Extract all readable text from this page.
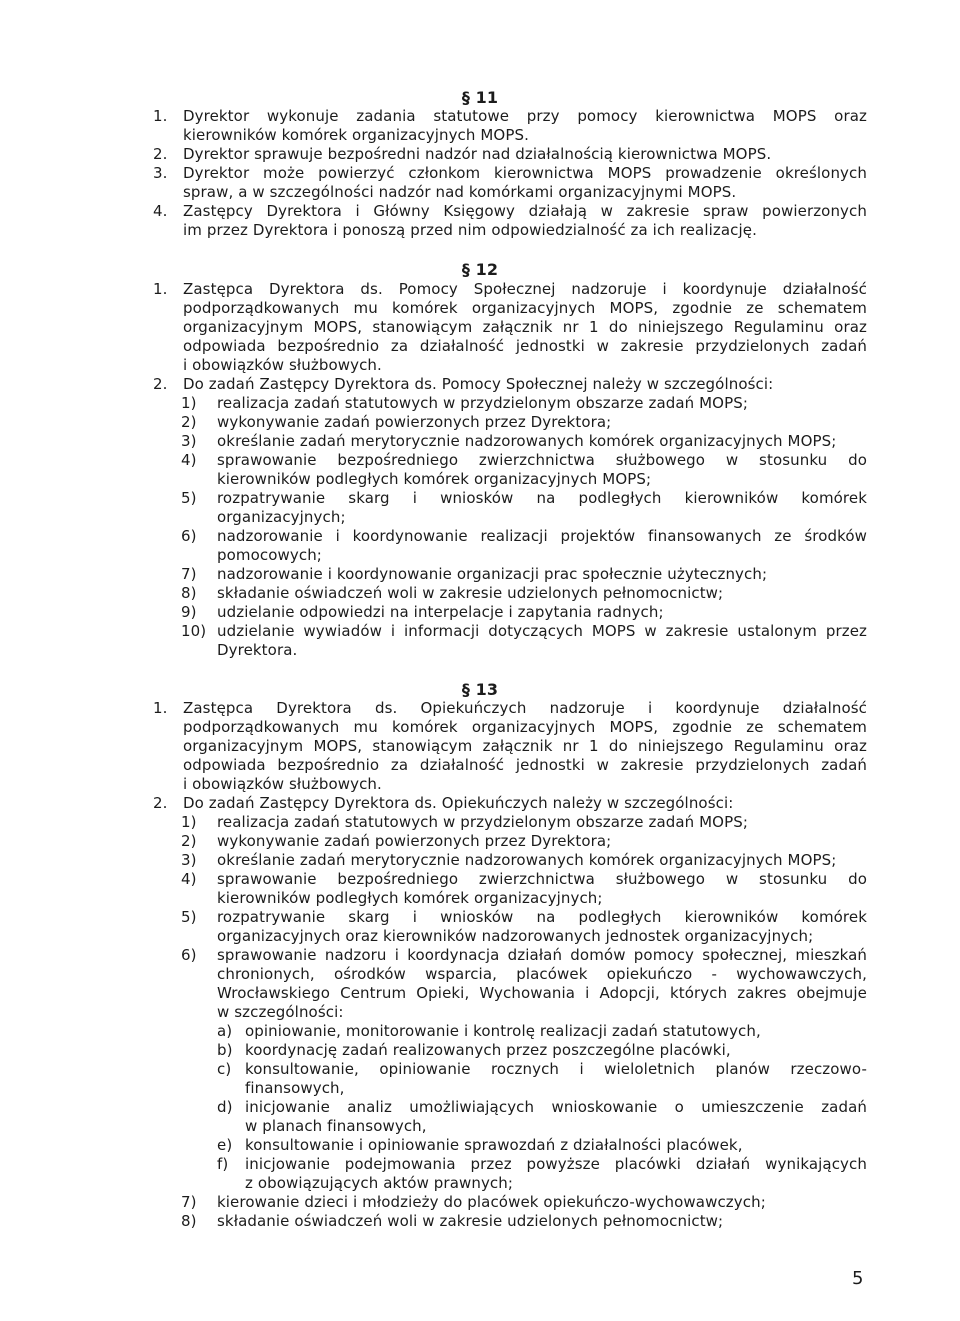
§ 11
1. Dyrektor wykonuje zadania statutowe przy pomocy kierownictwa MOPS oraz
kierowników komórek organizacyjnych MOPS.
2. Dyrektor sprawuje bezpośredni nadzór nad działalnością kierownictwa MOPS.
3. Dyrektor może powierzyć członkom kierownictwa MOPS prowadzenie określonych
spraw, a w szczególności nadzór nad komórkami organizacyjnymi MOPS.
4. Zastępcy Dyrektora i Główny Księgowy działają w zakresie spraw powierzonych
im przez Dyrektora i ponoszą przed nim odpowiedzialność za ich realizację.
§ 12
1. Zastępca Dyrektora ds. Pomocy Społecznej nadzoruje i koordynuje działalność
podporządkowanych mu komórek organizacyjnych MOPS, zgodnie ze schematem
organizacyjnym MOPS, stanowiącym załącznik nr 1 do niniejszego Regulaminu oraz
odpowiada bezpośrednio za działalność jednostki w zakresie przydzielonych zadań
i obowiązków służbowych.
2. Do zadań Zastępcy Dyrektora ds. Pomocy Społecznej należy w szczególności:
1) realizacja zadań statutowych w przydzielonym obszarze zadań MOPS;
2) wykonywanie zadań powierzonych przez Dyrektora;
3) określanie zadań merytorycznie nadzorowanych komórek organizacyjnych MOPS;
4) sprawowanie bezpośredniego zwierzchnictwa służbowego w stosunku do
kierowników podległych komórek organizacyjnych MOPS;
5) rozpatrywanie skarg i wniosków na podległych kierowników komórek
organizacyjnych;
6) nadzorowanie i koordynowanie realizacji projektów finansowanych ze środków
pomocowych;
7) nadzorowanie i koordynowanie organizacji prac społecznie użytecznych;
8) składanie oświadczeń woli w zakresie udzielonych pełnomocnictw;
9) udzielanie odpowiedzi na interpelacje i zapytania radnych;
10) udzielanie wywiadów i informacji dotyczących MOPS w zakresie ustalonym przez
Dyrektora.
§ 13
1. Zastępca Dyrektora ds. Opiekuńczych nadzoruje i koordynuje działalność
podporządkowanych mu komórek organizacyjnych MOPS, zgodnie ze schematem
organizacyjnym MOPS, stanowiącym załącznik nr 1 do niniejszego Regulaminu oraz
odpowiada bezpośrednio za działalność jednostki w zakresie przydzielonych zadań
i obowiązków służbowych.
2. Do zadań Zastępcy Dyrektora ds. Opiekuńczych należy w szczególności:
1) realizacja zadań statutowych w przydzielonym obszarze zadań MOPS;
2) wykonywanie zadań powierzonych przez Dyrektora;
3) określanie zadań merytorycznie nadzorowanych komórek organizacyjnych MOPS;
4) sprawowanie bezpośredniego zwierzchnictwa służbowego w stosunku do
kierowników podległych komórek organizacyjnych;
5) rozpatrywanie skarg i wniosków na podległych kierowników komórek
organizacyjnych oraz kierowników nadzorowanych jednostek organizacyjnych;
6) sprawowanie nadzoru i koordynacja działań domów pomocy społecznej, mieszkań
chronionych, ośrodków wsparcia, placówek opiekuńczo - wychowawczych,
Wrocławskiego Centrum Opieki, Wychowania i Adopcji, których zakres obejmuje
w szczególności:
a) opiniowanie, monitorowanie i kontrolę realizacji zadań statutowych,
b) koordynację zadań realizowanych przez poszczególne placówki,
c) konsultowanie, opiniowanie rocznych i wieloletnich planów rzeczowo-
finansowych,
d) inicjowanie analiz umożliwiających wnioskowanie o umieszczenie zadań
w planach finansowych,
e) konsultowanie i opiniowanie sprawozdań z działalności placówek,
f) inicjowanie podejmowania przez powyższe placówki działań wynikających
z obowiązujących aktów prawnych;
7) kierowanie dzieci i młodzieży do placówek opiekuńczo-wychowawczych;
8) składanie oświadczeń woli w zakresie udzielonych pełnomocnictw;
5
